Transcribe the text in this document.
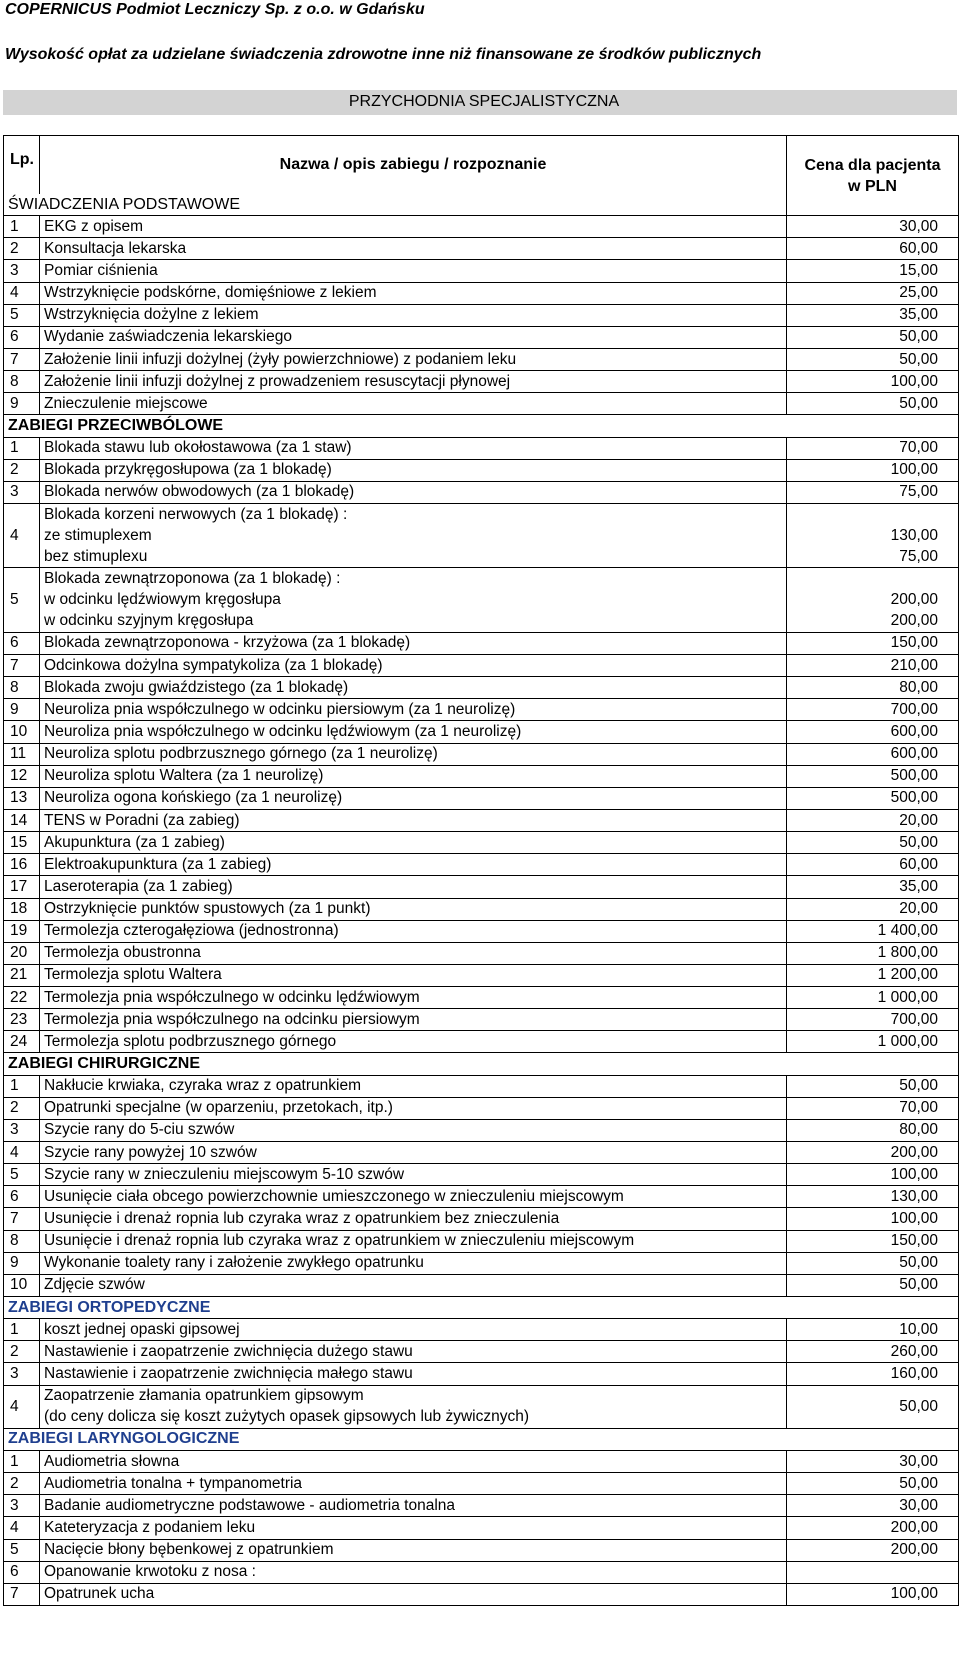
COPERNICUS Podmiot Leczniczy Sp. z o.o. w Gdańsku
Wysokość opłat za udzielane świadczenia zdrowotne inne niż finansowane ze środków publicznych
PRZYCHODNIA SPECJALISTYCZNA
Lp.	Nazwa / opis zabiegu / rozpoznanie	Cena dla pacjenta
w PLN
ŚWIADCZENIA PODSTAWOWE		
1	EKG z opisem	30,00
2	Konsultacja lekarska	60,00
3	Pomiar ciśnienia	15,00
4	Wstrzyknięcie podskórne, domięśniowe z lekiem	25,00
5	Wstrzyknięcia dożylne z lekiem	35,00
6	Wydanie zaświadczenia lekarskiego	50,00
7	Założenie linii infuzji dożylnej (żyły powierzchniowe) z podaniem leku	50,00
8	Założenie linii infuzji dożylnej z prowadzeniem resuscytacji płynowej	100,00
9	Znieczulenie miejscowe	50,00
ZABIEGI PRZECIWBÓLOWE		
1	Blokada stawu lub okołostawowa (za 1 staw)	70,00
2	Blokada przykręgosłupowa (za 1 blokadę)	100,00
3	Blokada nerwów obwodowych (za 1 blokadę)	75,00
4	Blokada korzeni nerwowych (za 1 blokadę) :	
	ze stimuplexem	130,00
	bez stimuplexu	75,00
5	Blokada zewnątrzoponowa (za 1 blokadę) :	
	w odcinku lędźwiowym kręgosłupa	200,00
	w odcinku szyjnym kręgosłupa	200,00
6	Blokada zewnątrzoponowa - krzyżowa (za 1 blokadę)	150,00
7	Odcinkowa dożylna sympatykoliza (za 1 blokadę)	210,00
8	Blokada zwoju gwiaździstego (za 1 blokadę)	80,00
9	Neuroliza pnia współczulnego w odcinku piersiowym (za 1 neurolizę)	700,00
10	Neuroliza pnia współczulnego w odcinku lędźwiowym (za 1 neurolizę)	600,00
11	Neuroliza splotu podbrzusznego górnego (za 1 neurolizę)	600,00
12	Neuroliza splotu Waltera (za 1 neurolizę)	500,00
13	Neuroliza ogona końskiego (za 1 neurolizę)	500,00
14	TENS w Poradni (za zabieg)	20,00
15	Akupunktura (za 1 zabieg)	50,00
16	Elektroakupunktura (za 1 zabieg)	60,00
17	Laseroterapia (za 1 zabieg)	35,00
18	Ostrzyknięcie punktów spustowych (za 1 punkt)	20,00
19	Termolezja czterogałęziowa (jednostronna)	1 400,00
20	Termolezja obustronna	1 800,00
21	Termolezja splotu Waltera	1 200,00
22	Termolezja pnia współczulnego w odcinku lędźwiowym	1 000,00
23	Termolezja pnia współczulnego na odcinku piersiowym	700,00
24	Termolezja splotu podbrzusznego górnego	1 000,00
ZABIEGI CHIRURGICZNE		
1	Nakłucie krwiaka, czyraka wraz z opatrunkiem	50,00
2	Opatrunki specjalne (w oparzeniu, przetokach, itp.)	70,00
3	Szycie rany do 5-ciu szwów	80,00
4	Szycie rany powyżej 10 szwów	200,00
5	Szycie rany w znieczuleniu miejscowym 5-10 szwów	100,00
6	Usunięcie ciała obcego powierzchownie umieszczonego w znieczuleniu miejscowym	130,00
7	Usunięcie i drenaż ropnia lub czyraka wraz z opatrunkiem bez znieczulenia	100,00
8	Usunięcie i drenaż ropnia lub czyraka wraz z opatrunkiem w znieczuleniu miejscowym	150,00
9	Wykonanie toalety rany i założenie zwykłego opatrunku	50,00
10	Zdjęcie szwów	50,00
ZABIEGI ORTOPEDYCZNE		
1	koszt jednej opaski gipsowej	10,00
2	Nastawienie i zaopatrzenie zwichnięcia dużego stawu	260,00
3	Nastawienie i zaopatrzenie zwichnięcia małego stawu	160,00
4	Zaopatrzenie złamania opatrunkiem gipsowym	50,00
	(do ceny dolicza się koszt zużytych opasek gipsowych lub żywicznych)	
ZABIEGI LARYNGOLOGICZNE		
1	Audiometria słowna	30,00
2	Audiometria tonalna + tympanometria	50,00
3	Badanie audiometryczne podstawowe - audiometria tonalna	30,00
4	Kateteryzacja z podaniem leku	200,00
5	Nacięcie błony bębenkowej z opatrunkiem	200,00
6	Opanowanie krwotoku z nosa :	
7	Opatrunek ucha	100,00
